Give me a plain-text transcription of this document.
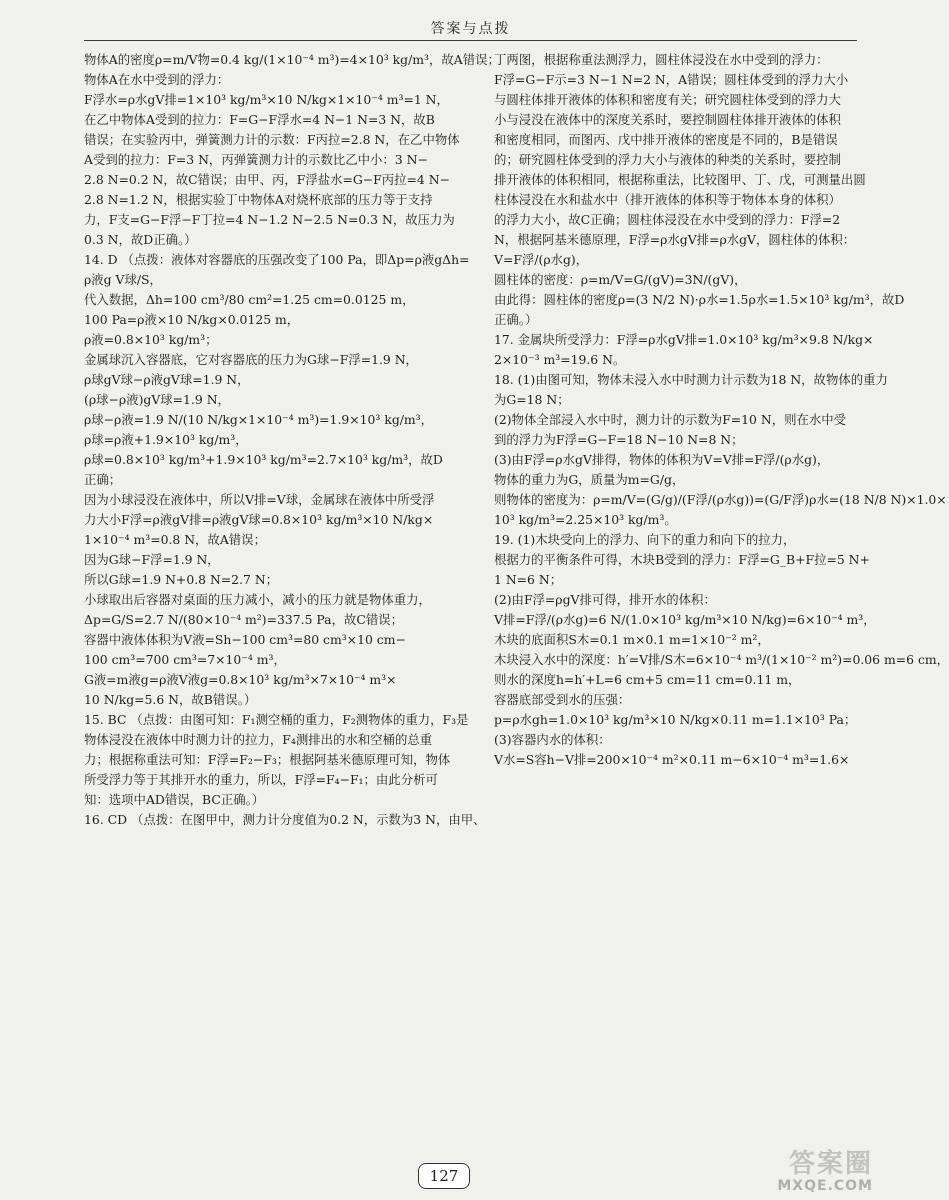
答案与点拨
物体A的密度ρ=m/V物=0.4 kg/(1×10⁻⁴ m³)=4×10³ kg/m³，故A错误；
物体A在水中受到的浮力：
F浮水=ρ水gV排=1×10³ kg/m³×10 N/kg×1×10⁻⁴ m³=1 N，
在乙中物体A受到的拉力：F=G−F浮水=4 N−1 N=3 N，故B
错误；在实验丙中，弹簧测力计的示数：F丙拉=2.8 N，在乙中物体
A受到的拉力：F=3 N，丙弹簧测力计的示数比乙中小：3 N−
2.8 N=0.2 N，故C错误；由甲、丙，F浮盐水=G−F丙拉=4 N−
2.8 N=1.2 N，根据实验丁中物体A对烧杯底部的压力等于支持
力，F支=G−F浮−F丁拉=4 N−1.2 N−2.5 N=0.3 N，故压力为
0.3 N，故D正确。）
14. D （点拨：液体对容器底的压强改变了100 Pa，即Δp=ρ液gΔh=
ρ液g V球/S，
代入数据，Δh=100 cm³/80 cm²=1.25 cm=0.0125 m，
100 Pa=ρ液×10 N/kg×0.0125 m，
ρ液=0.8×10³ kg/m³；
金属球沉入容器底，它对容器底的压力为G球−F浮=1.9 N，
ρ球gV球−ρ液gV球=1.9 N，
(ρ球−ρ液)gV球=1.9 N，
ρ球−ρ液=1.9 N/(10 N/kg×1×10⁻⁴ m³)=1.9×10³ kg/m³，
ρ球=ρ液+1.9×10³ kg/m³，
ρ球=0.8×10³ kg/m³+1.9×10³ kg/m³=2.7×10³ kg/m³，故D
正确；
因为小球浸没在液体中，所以V排=V球，金属球在液体中所受浮
力大小F浮=ρ液gV排=ρ液gV球=0.8×10³ kg/m³×10 N/kg×
1×10⁻⁴ m³=0.8 N，故A错误；
因为G球−F浮=1.9 N，
所以G球=1.9 N+0.8 N=2.7 N；
小球取出后容器对桌面的压力减小，减小的压力就是物体重力，
Δp=G/S=2.7 N/(80×10⁻⁴ m²)=337.5 Pa，故C错误；
容器中液体体积为V液=Sh−100 cm³=80 cm³×10 cm−
100 cm³=700 cm³=7×10⁻⁴ m³，
G液=m液g=ρ液V液g=0.8×10³ kg/m³×7×10⁻⁴ m³×
10 N/kg=5.6 N，故B错误。）
15. BC （点拨：由图可知：F₁测空桶的重力，F₂测物体的重力，F₃是
物体浸没在液体中时测力计的拉力，F₄测排出的水和空桶的总重
力；根据称重法可知：F浮=F₂−F₃；根据阿基米德原理可知，物体
所受浮力等于其排开水的重力，所以，F浮=F₄−F₁；由此分析可
知：选项中AD错误，BC正确。）
16. CD （点拨：在图甲中，测力计分度值为0.2 N，示数为3 N，由甲、
丁两图，根据称重法测浮力，圆柱体浸没在水中受到的浮力：
F浮=G−F示=3 N−1 N=2 N，A错误；圆柱体受到的浮力大小
与圆柱体排开液体的体积和密度有关；研究圆柱体受到的浮力大
小与浸没在液体中的深度关系时，要控制圆柱体排开液体的体积
和密度相同，而图丙、戊中排开液体的密度是不同的，B是错误
的；研究圆柱体受到的浮力大小与液体的种类的关系时，要控制
排开液体的体积相同，根据称重法，比较图甲、丁、戊，可测量出圆
柱体浸没在水和盐水中（排开液体的体积等于物体本身的体积）
的浮力大小，故C正确；圆柱体浸没在水中受到的浮力：F浮=2
N，根据阿基米德原理，F浮=ρ水gV排=ρ水gV，圆柱体的体积：
V=F浮/(ρ水g)，
圆柱体的密度：ρ=m/V=G/(gV)=3N/(gV)，
由此得：圆柱体的密度ρ=(3 N/2 N)·ρ水=1.5ρ水=1.5×10³ kg/m³，故D
正确。）
17. 金属块所受浮力：F浮=ρ水gV排=1.0×10³ kg/m³×9.8 N/kg×
2×10⁻³ m³=19.6 N。
18. (1)由图可知，物体未浸入水中时测力计示数为18 N，故物体的重力
为G=18 N；
(2)物体全部浸入水中时，测力计的示数为F=10 N，则在水中受
到的浮力为F浮=G−F=18 N−10 N=8 N；
(3)由F浮=ρ水gV排得，物体的体积为V=V排=F浮/(ρ水g)，
物体的重力为G，质量为m=G/g，
则物体的密度为：ρ=m/V=(G/g)/(F浮/(ρ水g))=(G/F浮)ρ水=(18 N/8 N)×1.0×
10³ kg/m³=2.25×10³ kg/m³。
19. (1)木块受向上的浮力、向下的重力和向下的拉力，
根据力的平衡条件可得，木块B受到的浮力：F浮=G_B+F拉=5 N+
1 N=6 N；
(2)由F浮=ρgV排可得，排开水的体积：
V排=F浮/(ρ水g)=6 N/(1.0×10³ kg/m³×10 N/kg)=6×10⁻⁴ m³，
木块的底面积S木=0.1 m×0.1 m=1×10⁻² m²，
木块浸入水中的深度：h′=V排/S木=6×10⁻⁴ m³/(1×10⁻² m²)=0.06 m=6 cm，
则水的深度h=h′+L=6 cm+5 cm=11 cm=0.11 m，
容器底部受到水的压强：
p=ρ水gh=1.0×10³ kg/m³×10 N/kg×0.11 m=1.1×10³ Pa；
(3)容器内水的体积：
V水=S容h−V排=200×10⁻⁴ m²×0.11 m−6×10⁻⁴ m³=1.6×
127	答案圈
MXQE.COM
